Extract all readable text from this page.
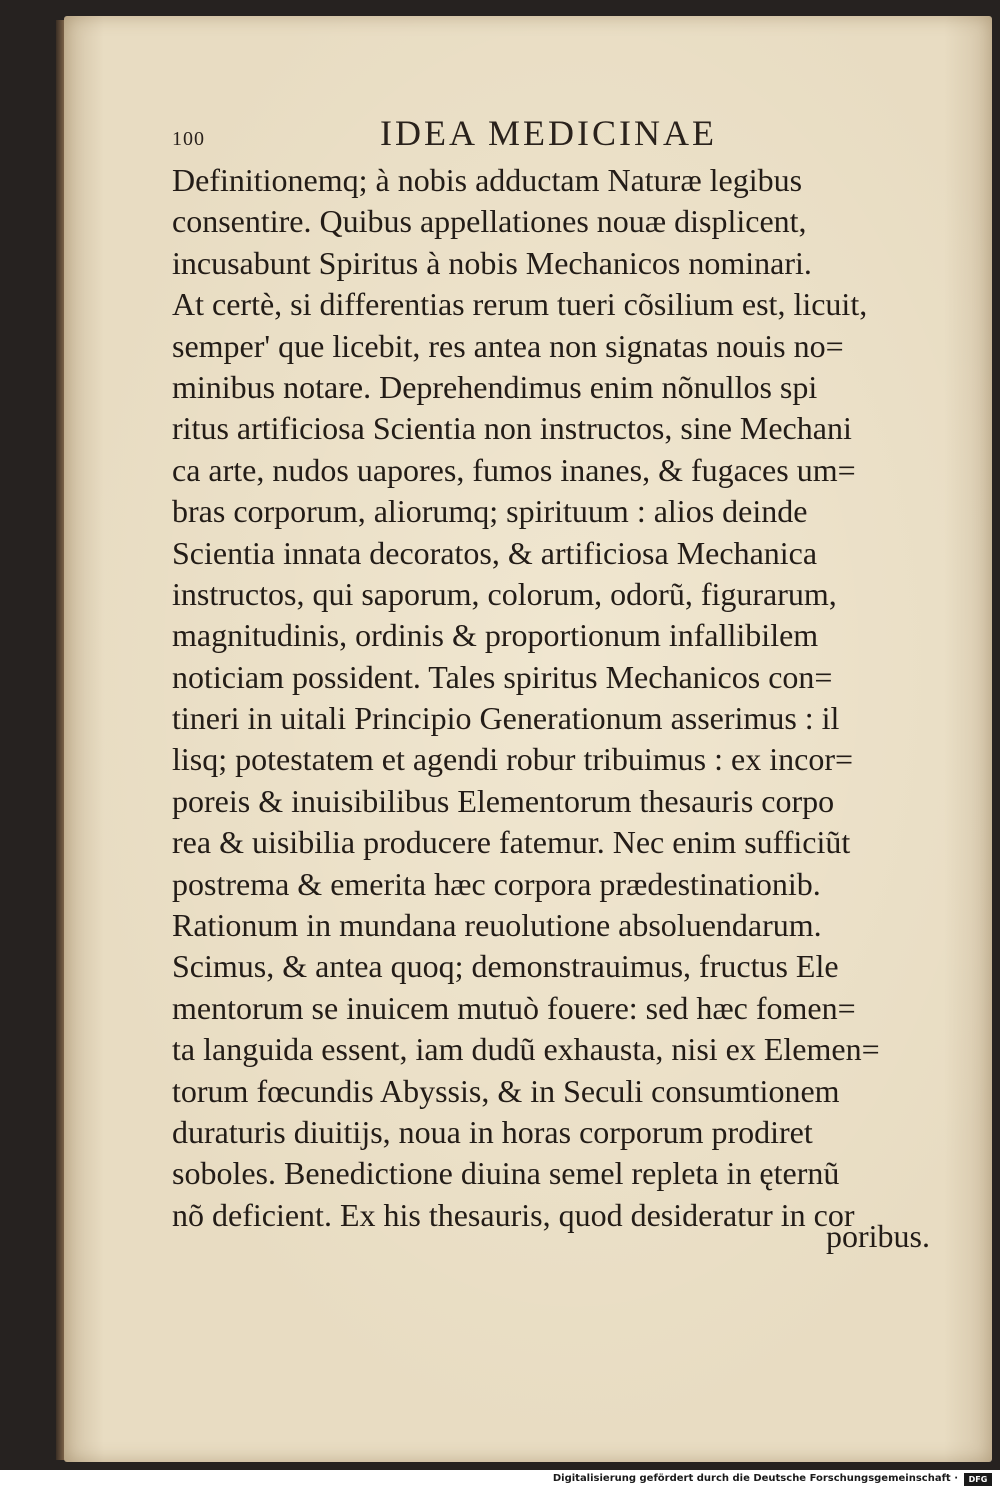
100	IDEA MEDICINAE
Definitionemq; à nobis adductam Naturæ legibus
consentire. Quibus appellationes nouæ displicent,
incusabunt Spiritus à nobis Mechanicos nominari.
At certè, si differentias rerum tueri cõsilium est, licuit,
semper' que licebit, res antea non signatas nouis no=
minibus notare. Deprehendimus enim nõnullos spi
ritus artificiosa Scientia non instructos, sine Mechani
ca arte, nudos uapores, fumos inanes, & fugaces um=
bras corporum, aliorumq; spirituum : alios deinde
Scientia innata decoratos, & artificiosa Mechanica
instructos, qui saporum, colorum, odorũ, figurarum,
magnitudinis, ordinis & proportionum infallibilem
noticiam possident. Tales spiritus Mechanicos con=
tineri in uitali Principio Generationum asserimus : il
lisq; potestatem et agendi robur tribuimus : ex incor=
poreis & inuisibilibus Elementorum thesauris corpo
rea & uisibilia producere fatemur. Nec enim sufficiũt
postrema & emerita hæc corpora prædestinationib.
Rationum in mundana reuolutione absoluendarum.
Scimus, & antea quoq; demonstrauimus, fructus Ele
mentorum se inuicem mutuò fouere: sed hæc fomen=
ta languida essent, iam dudũ exhausta, nisi ex Elemen=
torum fœcundis Abyssis, & in Seculi consumtionem
duraturis diuitijs, noua in horas corporum prodiret
soboles. Benedictione diuina semel repleta in ęternũ
nõ deficient. Ex his thesauris, quod desideratur in cor
poribus.
Digitalisierung gefördert durch die Deutsche Forschungsgemeinschaft ·	DFG
